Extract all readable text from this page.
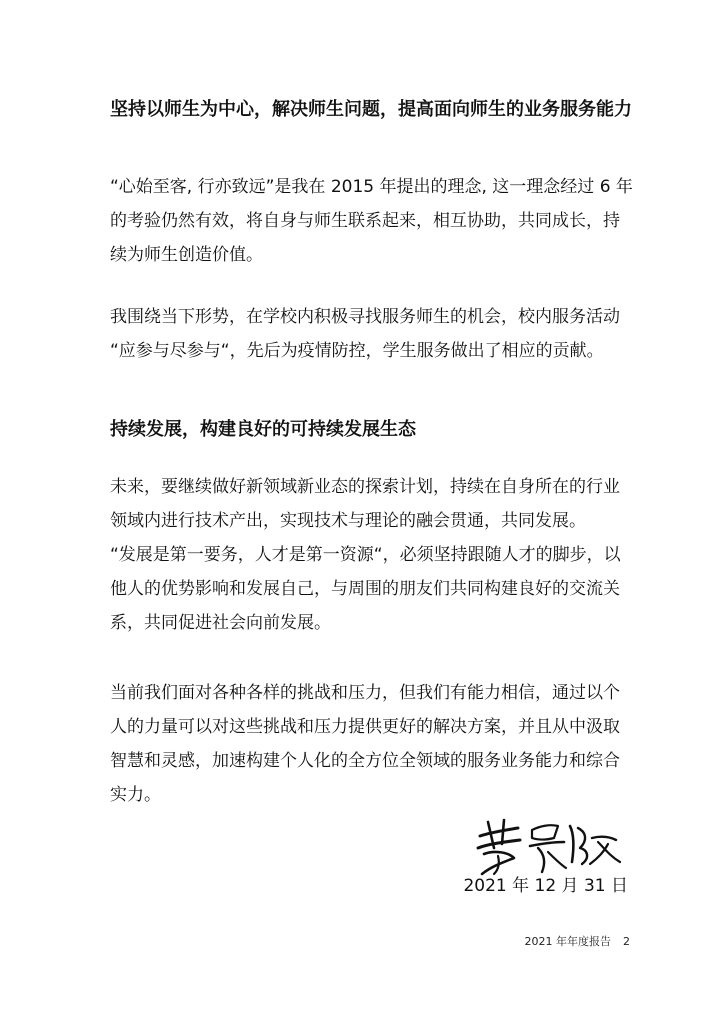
坚持以师生为中心，解决师生问题，提高面向师生的业务服务能力
“心始至客, 行亦致远”是我在 2015 年提出的理念, 这一理念经过 6 年
的考验仍然有效，将自身与师生联系起来，相互协助，共同成长，持
续为师生创造价值。
我围绕当下形势，在学校内积极寻找服务师生的机会，校内服务活动
“应参与尽参与“，先后为疫情防控，学生服务做出了相应的贡献。
持续发展，构建良好的可持续发展生态
未来，要继续做好新领域新业态的探索计划，持续在自身所在的行业
领域内进行技术产出，实现技术与理论的融会贯通，共同发展。
“发展是第一要务，人才是第一资源“，必须坚持跟随人才的脚步，以
他人的优势影响和发展自己，与周围的朋友们共同构建良好的交流关
系，共同促进社会向前发展。
当前我们面对各种各样的挑战和压力，但我们有能力相信，通过以个
人的力量可以对这些挑战和压力提供更好的解决方案，并且从中汲取
智慧和灵感，加速构建个人化的全方位全领域的服务业务能力和综合
实力。
2021 年 12 月 31 日
2021 年年度报告 2
